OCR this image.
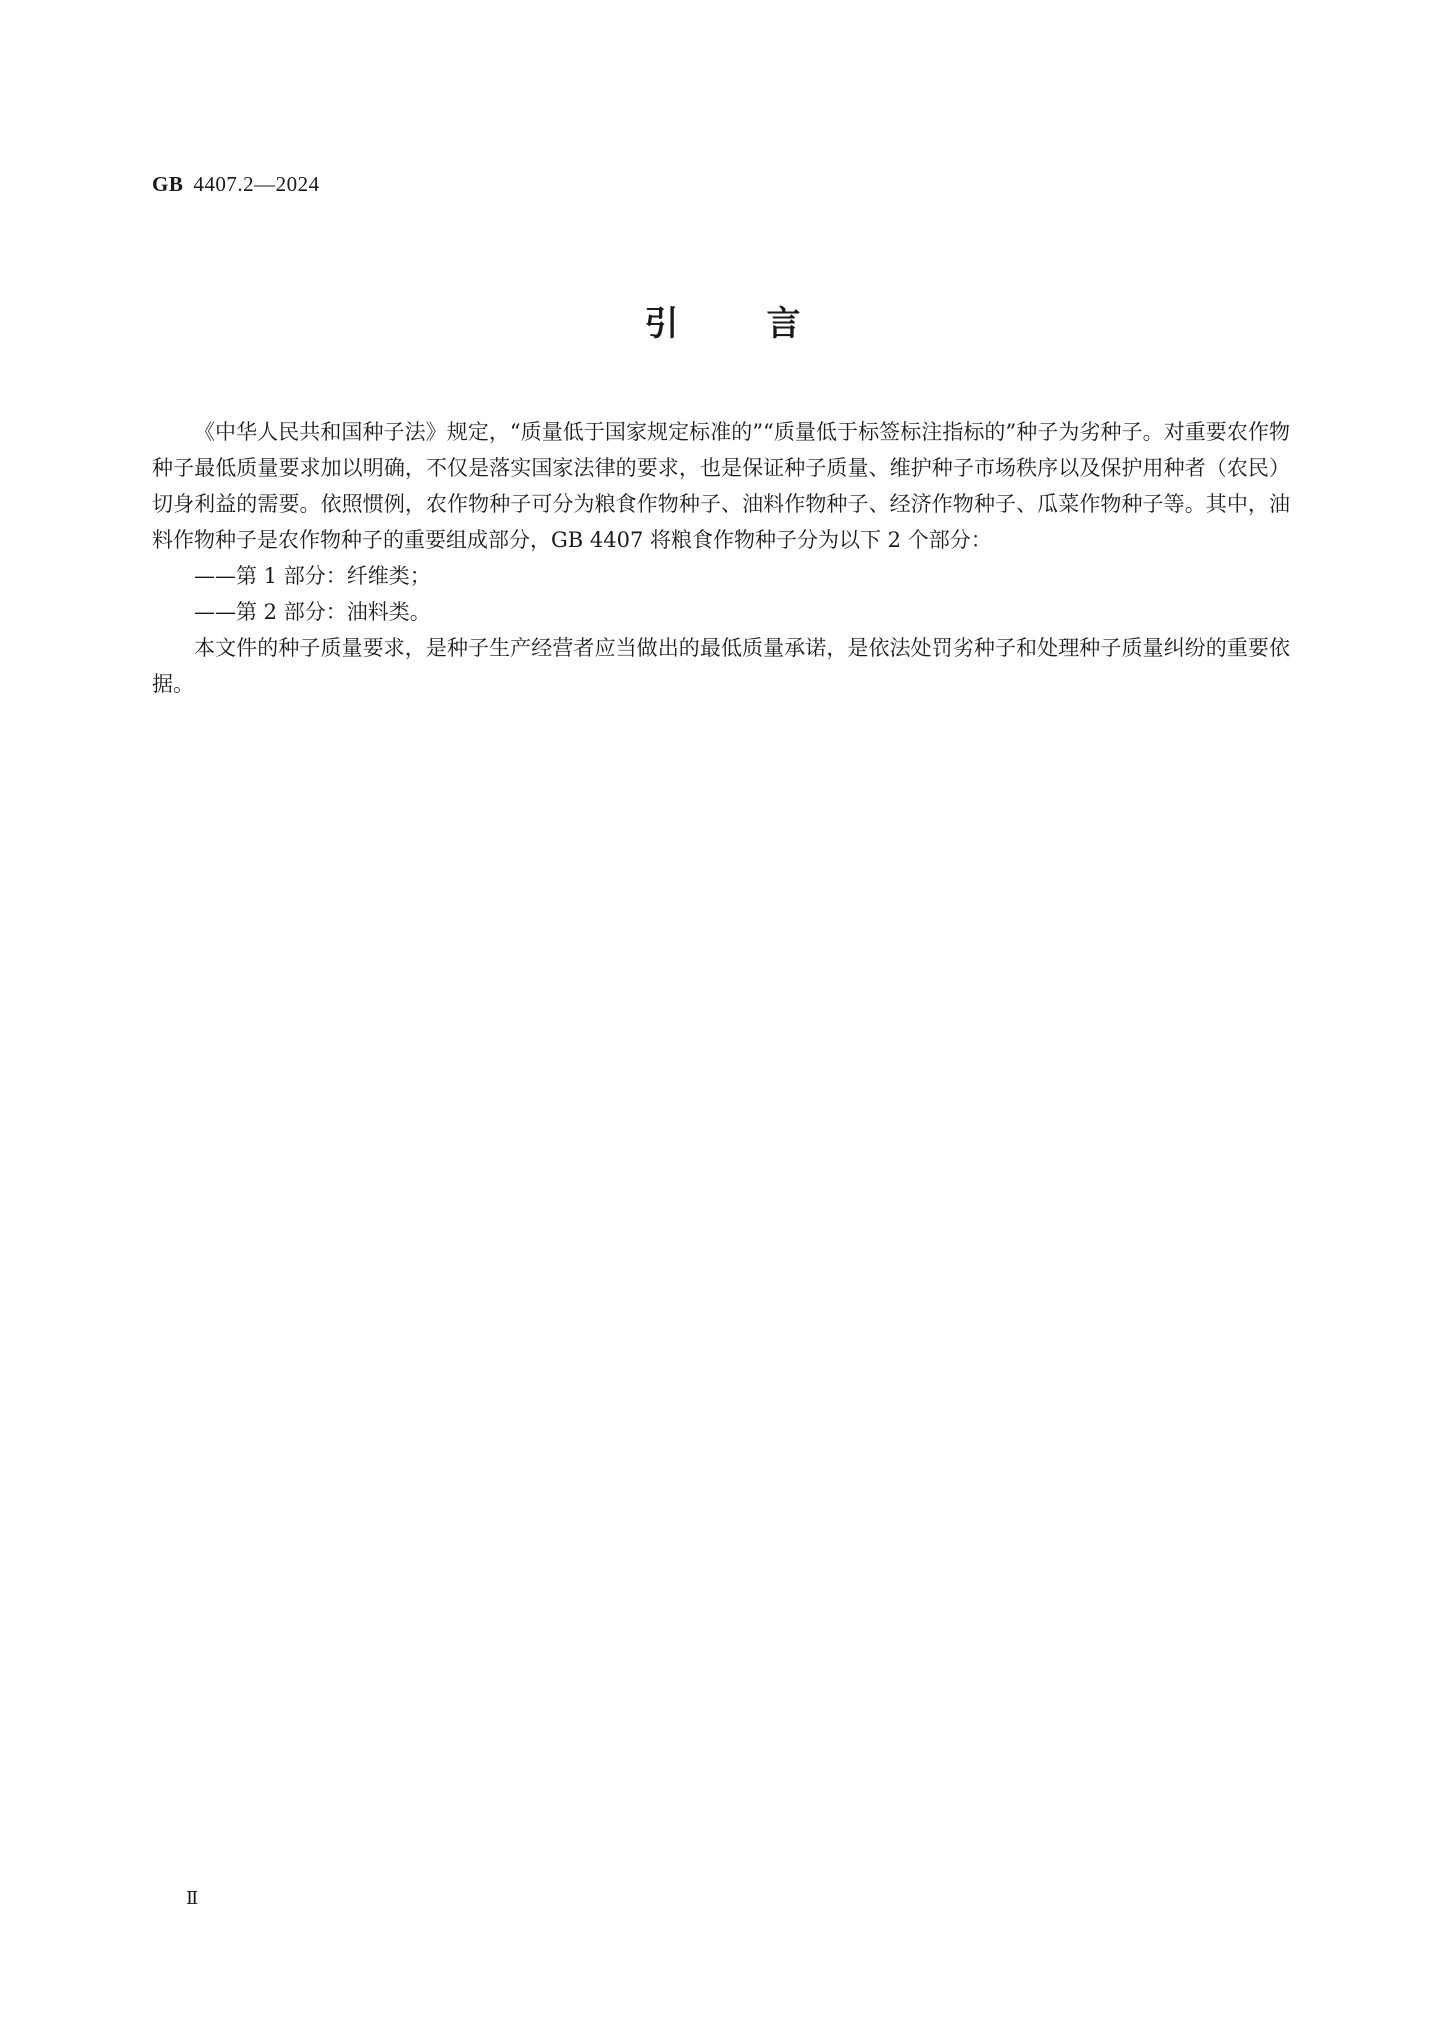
GB 4407.2—2024
引言

《中华人民共和国种子法》规定，“质量低于国家规定标准的”“质量低于标签标注指标的”种子为劣种子。对重要农作物种子最低质量要求加以明确，不仅是落实国家法律的要求，也是保证种子质量、维护种子市场秩序以及保护用种者（农民）切身利益的需要。依照惯例，农作物种子可分为粮食作物种子、油料作物种子、经济作物种子、瓜菜作物种子等。其中，油料作物种子是农作物种子的重要组成部分，GB 4407 将粮食作物种子分为以下 2 个部分：

——第 1 部分：纤维类；

——第 2 部分：油料类。

本文件的种子质量要求，是种子生产经营者应当做出的最低质量承诺，是依法处罚劣种子和处理种子质量纠纷的重要依据。

Ⅱ
